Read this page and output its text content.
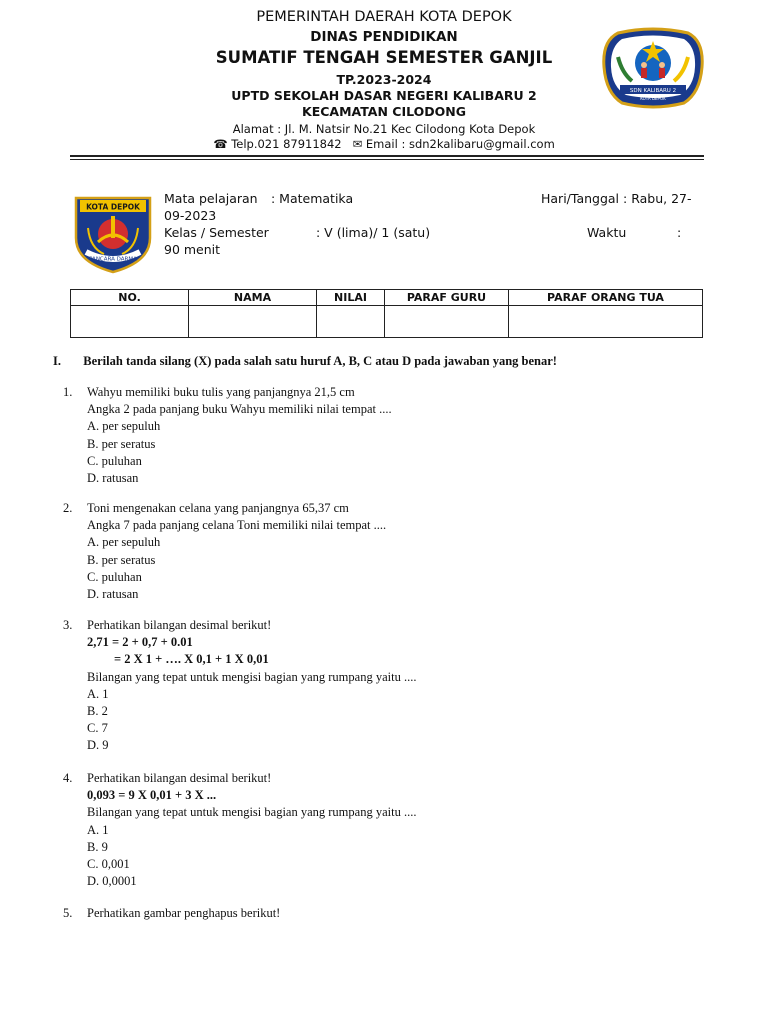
PEMERINTAH DAERAH KOTA DEPOK
DINAS PENDIDIKAN
SUMATIF TENGAH SEMESTER GANJIL
TP.2023-2024
UPTD SEKOLAH DASAR NEGERI KALIBARU 2
KECAMATAN CILODONG
Alamat : Jl. M. Natsir No.21 Kec Cilodong Kota Depok
☎ Telp.021 87911842 ✉ Email : sdn2kalibaru@gmail.com
SDN KALIBARU 2
KOTA DEPOK
KOTA DEPOK
PANCARA DARMA
Mata pelajaran : Matematika	Hari/Tanggal : Rabu, 27-
09-2023
Kelas / Semester	: V (lima)/ 1 (satu)	Waktu	:
90 menit
NO.	NAMA	NILAI	PARAF GURU	PARAF ORANG TUA

I. Berilah tanda silang (X) pada salah satu huruf A, B, C atau D pada jawaban yang benar!
1. Wahyu memiliki buku tulis yang panjangnya 21,5 cm
Angka 2 pada panjang buku Wahyu memiliki nilai tempat ....
A. per sepuluh
B. per seratus
C. puluhan
D. ratusan
2. Toni mengenakan celana yang panjangnya 65,37 cm
Angka 7 pada panjang celana Toni memiliki nilai tempat ....
A. per sepuluh
B. per seratus
C. puluhan
D. ratusan
3. Perhatikan bilangan desimal berikut!
2,71 = 2 + 0,7 + 0.01
= 2 X 1 + …. X 0,1 + 1 X 0,01
Bilangan yang tepat untuk mengisi bagian yang rumpang yaitu ....
A. 1
B. 2
C. 7
D. 9
4. Perhatikan bilangan desimal berikut!
0,093 = 9 X 0,01 + 3 X ...
Bilangan yang tepat untuk mengisi bagian yang rumpang yaitu ....
A. 1
B. 9
C. 0,001
D. 0,0001
5. Perhatikan gambar penghapus berikut!
